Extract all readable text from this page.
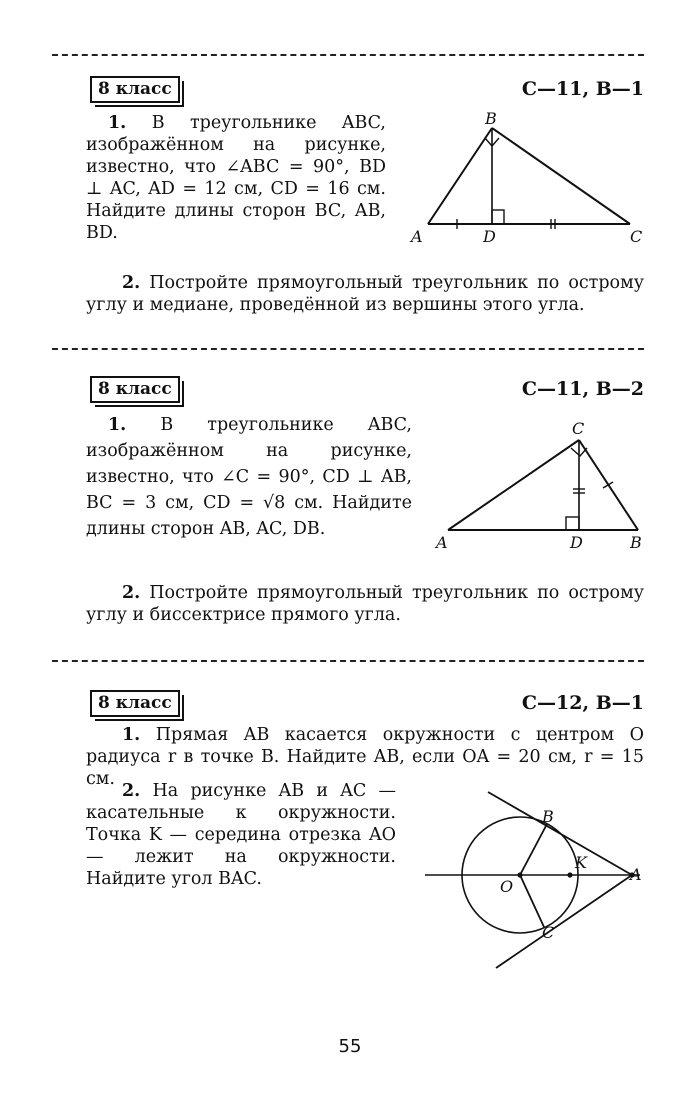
8 класс	С—11, В—1
1. В треугольнике ABC, изображённом на рисунке, известно, что ∠ABC = 90°, BD ⊥ AC, AD = 12 см, CD = 16 см. Найдите длины сторон BC, AB, BD.
B
A	D	C
2. Постройте прямоугольный треугольник по острому углу и медиане, проведённой из вершины этого угла.
8 класс	С—11, В—2
1. В треугольнике ABC, изображённом на рисунке, известно, что ∠C = 90°, CD ⊥ AB, BC = 3 см, CD = √8 см. Найдите длины сторон AB, AC, DB.
C
A	D	B
2. Постройте прямоугольный треугольник по острому углу и биссектрисе прямого угла.
8 класс	С—12, В—1
1. Прямая AB касается окружности с центром O радиуса r в точке B. Найдите AB, если OA = 20 см, r = 15 см.
2. На рисунке AB и AC — касательные к окружности. Точка K — середина отрезка AO — лежит на окружности. Найдите угол BAC.
B
K
O
A
C
55
